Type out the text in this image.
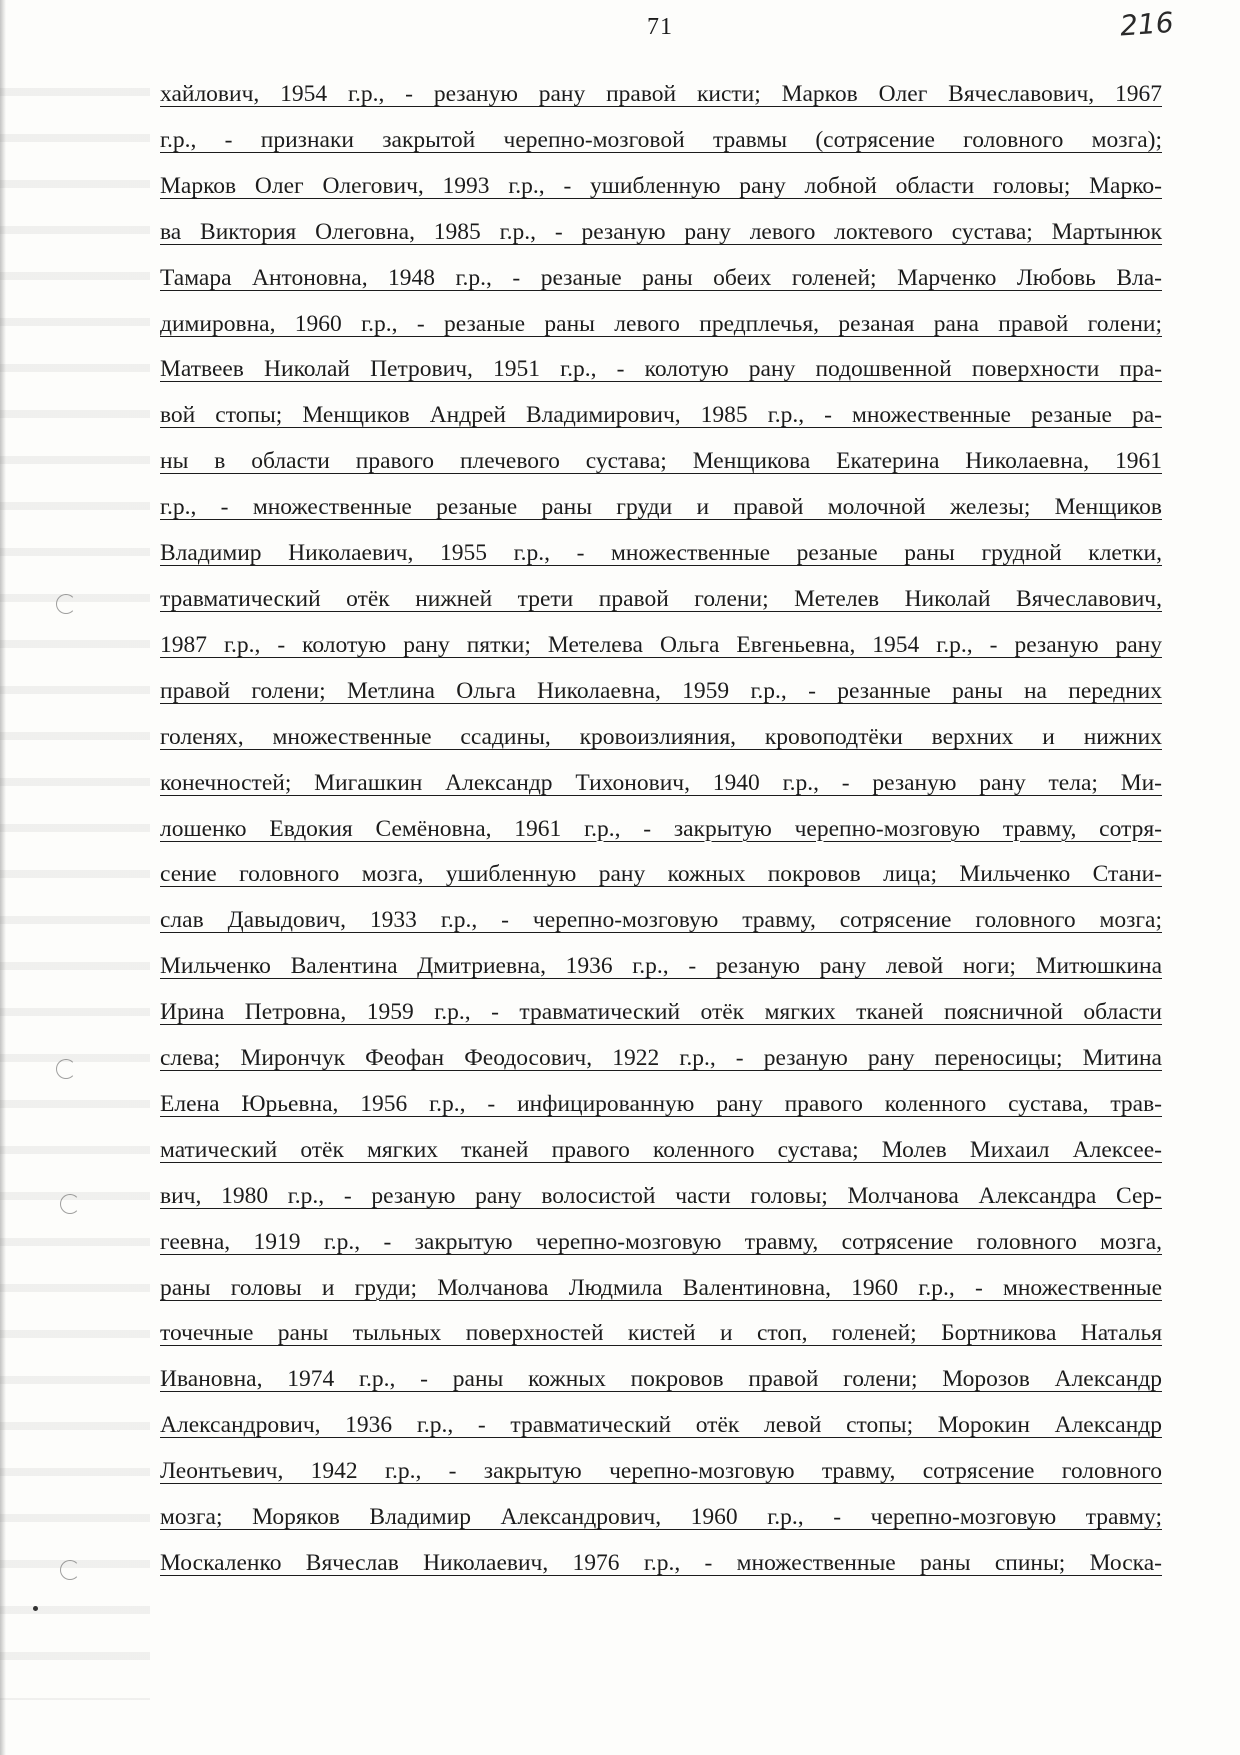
71	216
хайлович, 1954 г.р., - резаную рану правой кисти; Марков Олег Вячеславович, 1967
г.р., - признаки закрытой черепно-мозговой травмы (сотрясение головного мозга);
Марков Олег Олегович, 1993 г.р., - ушибленную рану лобной области головы; Марко-
ва Виктория Олеговна, 1985 г.р., - резаную рану левого локтевого сустава; Мартынюк
Тамара Антоновна, 1948 г.р., - резаные раны обеих голеней; Марченко Любовь Вла-
димировна, 1960 г.р., - резаные раны левого предплечья, резаная рана правой голени;
Матвеев Николай Петрович, 1951 г.р., - колотую рану подошвенной поверхности пра-
вой стопы; Менщиков Андрей Владимирович, 1985 г.р., - множественные резаные ра-
ны в области правого плечевого сустава; Менщикова Екатерина Николаевна, 1961
г.р., - множественные резаные раны груди и правой молочной железы; Менщиков
Владимир Николаевич, 1955 г.р., - множественные резаные раны грудной клетки,
травматический отёк нижней трети правой голени; Метелев Николай Вячеславович,
1987 г.р., - колотую рану пятки; Метелева Ольга Евгеньевна, 1954 г.р., - резаную рану
правой голени; Метлина Ольга Николаевна, 1959 г.р., - резанные раны на передних
голенях, множественные ссадины, кровоизлияния, кровоподтёки верхних и нижних
конечностей; Мигашкин Александр Тихонович, 1940 г.р., - резаную рану тела; Ми-
лошенко Евдокия Семёновна, 1961 г.р., - закрытую черепно-мозговую травму, сотря-
сение головного мозга, ушибленную рану кожных покровов лица; Мильченко Стани-
слав Давыдович, 1933 г.р., - черепно-мозговую травму, сотрясение головного мозга;
Мильченко Валентина Дмитриевна, 1936 г.р., - резаную рану левой ноги; Митюшкина
Ирина Петровна, 1959 г.р., - травматический отёк мягких тканей поясничной области
слева; Мирончук Феофан Феодосович, 1922 г.р., - резаную рану переносицы; Митина
Елена Юрьевна, 1956 г.р., - инфицированную рану правого коленного сустава, трав-
матический отёк мягких тканей правого коленного сустава; Молев Михаил Алексее-
вич, 1980 г.р., - резаную рану волосистой части головы; Молчанова Александра Сер-
геевна, 1919 г.р., - закрытую черепно-мозговую травму, сотрясение головного мозга,
раны головы и груди; Молчанова Людмила Валентиновна, 1960 г.р., - множественные
точечные раны тыльных поверхностей кистей и стоп, голеней; Бортникова Наталья
Ивановна, 1974 г.р., - раны кожных покровов правой голени; Морозов Александр
Александрович, 1936 г.р., - травматический отёк левой стопы; Морокин Александр
Леонтьевич, 1942 г.р., - закрытую черепно-мозговую травму, сотрясение головного
мозга; Моряков Владимир Александрович, 1960 г.р., - черепно-мозговую травму;
Москаленко Вячеслав Николаевич, 1976 г.р., - множественные раны спины; Моска-
